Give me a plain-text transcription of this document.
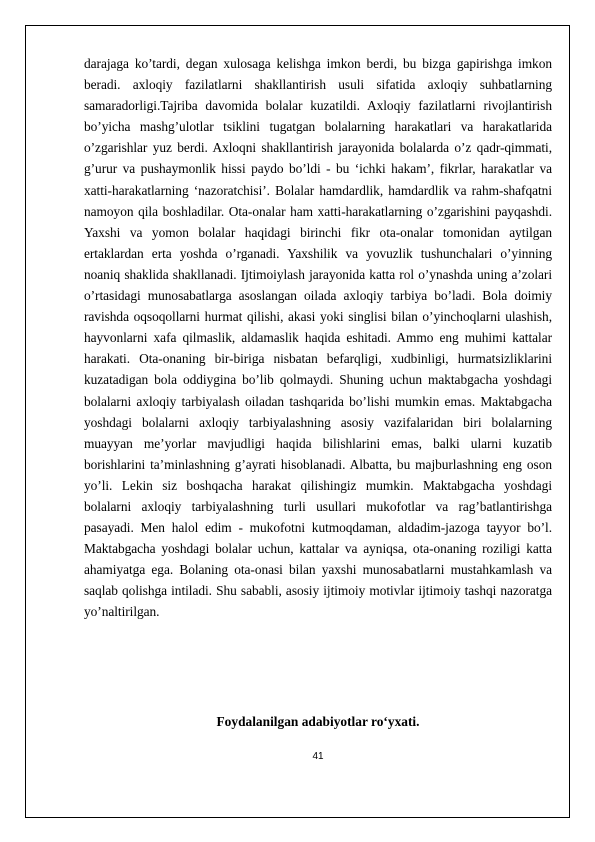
darajaga ko’tardi, degan xulosaga kelishga imkon berdi, bu bizga gapirishga imkon beradi. axloqiy fazilatlarni shakllantirish usuli sifatida axloqiy suhbatlarning samaradorligi.Tajriba davomida bolalar kuzatildi. Axloqiy fazilatlarni rivojlantirish bo’yicha mashg’ulotlar tsiklini tugatgan bolalarning harakatlari va harakatlarida o’zgarishlar yuz berdi. Axloqni shakllantirish jarayonida bolalarda o’z qadr-qimmati, g’urur va pushaymonlik hissi paydo bo’ldi - bu ‘ichki hakam’, fikrlar, harakatlar va xatti-harakatlarning ‘nazoratchisi’. Bolalar hamdardlik, hamdardlik va rahm-shafqatni namoyon qila boshladilar. Ota-onalar ham xatti-harakatlarning o’zgarishini payqashdi. Yaxshi va yomon bolalar haqidagi birinchi fikr ota-onalar tomonidan aytilgan ertaklardan erta yoshda o’rganadi. Yaxshilik va yovuzlik tushunchalari o’yinning noaniq shaklida shakllanadi. Ijtimoiylash jarayonida katta rol o’ynashda uning a’zolari o’rtasidagi munosabatlarga asoslangan oilada axloqiy tarbiya bo’ladi. Bola doimiy ravishda oqsoqollarni hurmat qilishi, akasi yoki singlisi bilan o’yinchoqlarni ulashish, hayvonlarni xafa qilmaslik, aldamaslik haqida eshitadi. Ammo eng muhimi kattalar harakati. Ota-onaning bir-biriga nisbatan befarqligi, xudbinligi, hurmatsizliklarini kuzatadigan bola oddiygina bo’lib qolmaydi. Shuning uchun maktabgacha yoshdagi bolalarni axloqiy tarbiyalash oiladan tashqarida bo’lishi mumkin emas. Maktabgacha yoshdagi bolalarni axloqiy tarbiyalashning asosiy vazifalaridan biri bolalarning muayyan me’yorlar mavjudligi haqida bilishlarini emas, balki ularni kuzatib borishlarini ta’minlashning g’ayrati hisoblanadi. Albatta, bu majburlashning eng oson yo’li. Lekin siz boshqacha harakat qilishingiz mumkin. Maktabgacha yoshdagi bolalarni axloqiy tarbiyalashning turli usullari mukofotlar va rag’batlantirishga pasayadi. Men halol edim - mukofotni kutmoqdaman, aldadim-jazoga tayyor bo’l. Maktabgacha yoshdagi bolalar uchun, kattalar va ayniqsa, ota-onaning roziligi katta ahamiyatga ega. Bolaning ota-onasi bilan yaxshi munosabatlarni mustahkamlash va saqlab qolishga intiladi. Shu sababli, asosiy ijtimoiy motivlar ijtimoiy tashqi nazoratga yo’naltirilgan.

Foydalanilgan adabiyotlar ro‘yxati.

41
